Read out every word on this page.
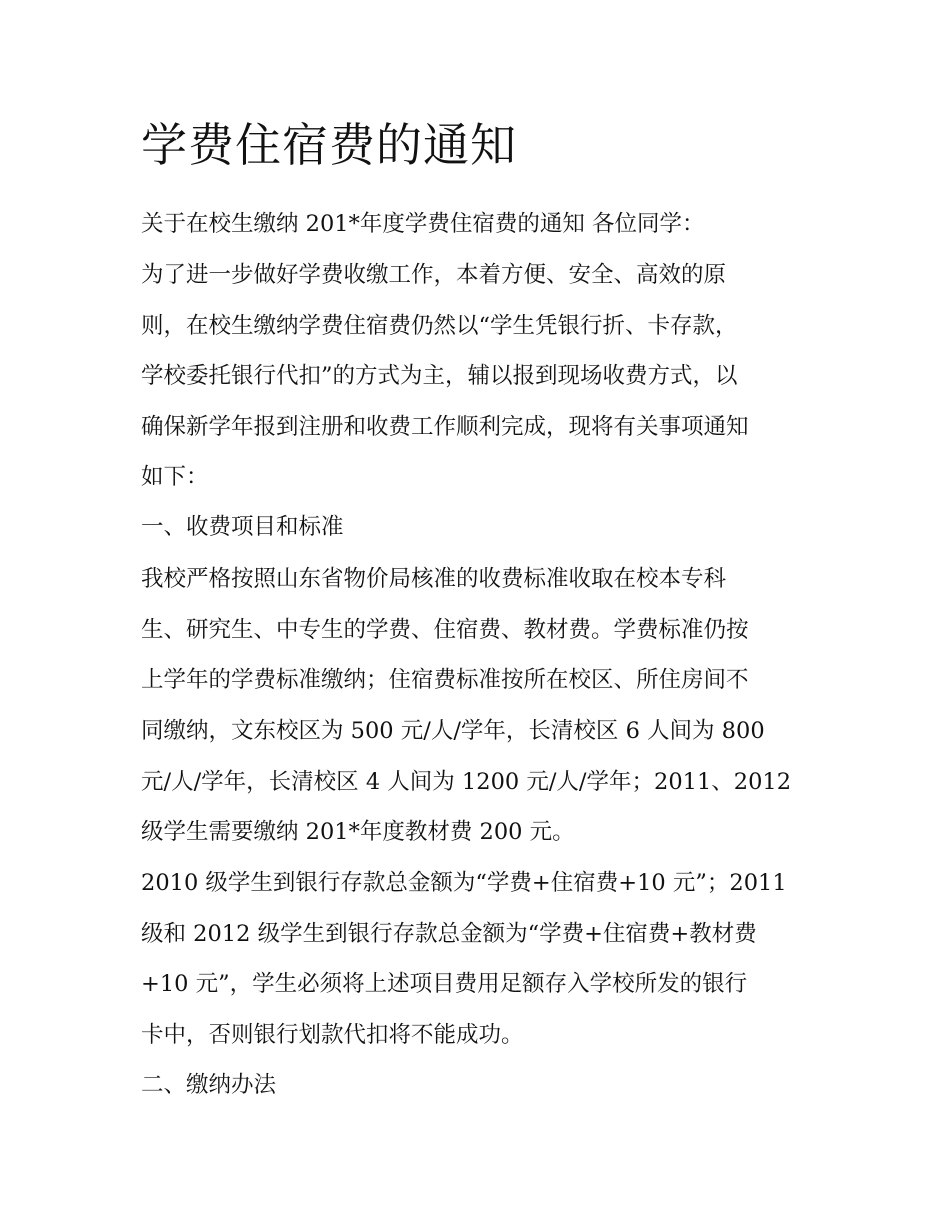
学费住宿费的通知

关于在校生缴纳 201*年度学费住宿费的通知 各位同学：

为了进一步做好学费收缴工作，本着方便、安全、高效的原

则，在校生缴纳学费住宿费仍然以“学生凭银行折、卡存款，

学校委托银行代扣”的方式为主，辅以报到现场收费方式，以

确保新学年报到注册和收费工作顺利完成，现将有关事项通知

如下：

一、收费项目和标准

我校严格按照山东省物价局核准的收费标准收取在校本专科

生、研究生、中专生的学费、住宿费、教材费。学费标准仍按

上学年的学费标准缴纳；住宿费标准按所在校区、所住房间不

同缴纳，文东校区为 500 元/人/学年，长清校区 6 人间为 800

元/人/学年，长清校区 4 人间为 1200 元/人/学年；2011、2012

级学生需要缴纳 201*年度教材费 200 元。

2010 级学生到银行存款总金额为“学费+住宿费+10 元”；2011

级和 2012 级学生到银行存款总金额为“学费+住宿费+教材费

+10 元”，学生必须将上述项目费用足额存入学校所发的银行

卡中，否则银行划款代扣将不能成功。

二、缴纳办法
